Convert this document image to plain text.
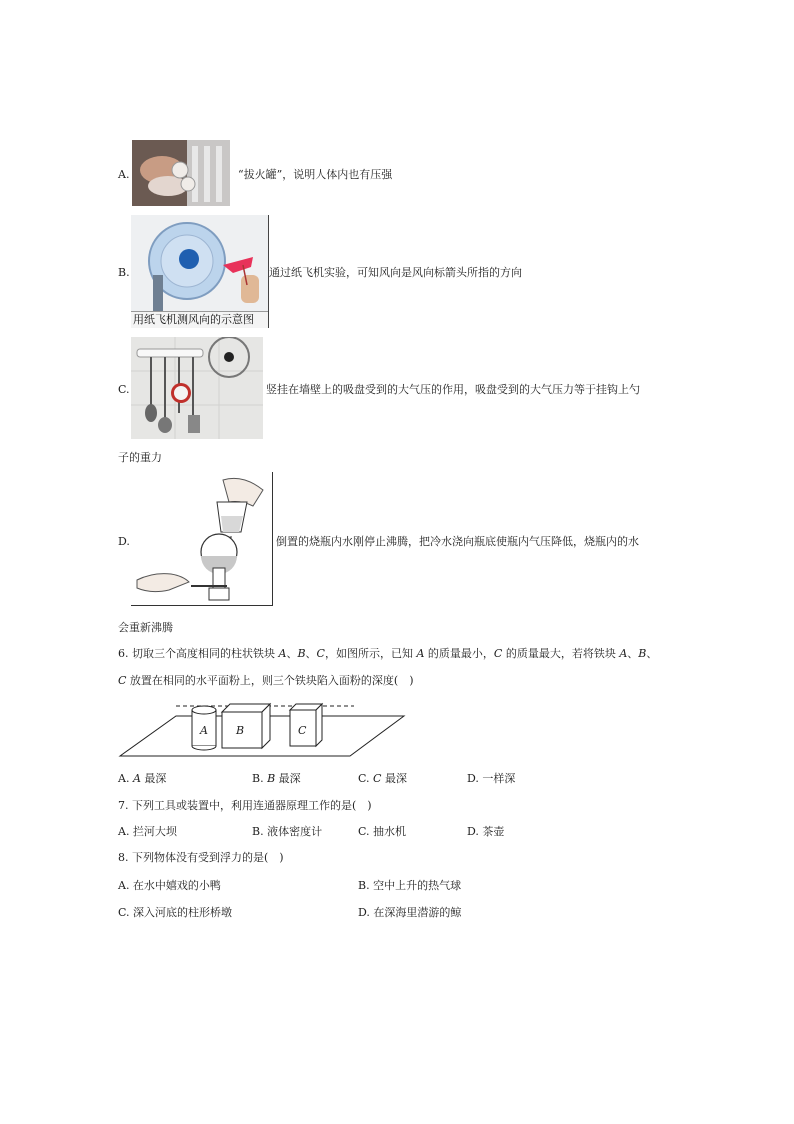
A.	“拔火罐”，说明人体内也有压强
B.
用纸飞机测风向的示意图
通过纸飞机实验，可知风向是风向标箭头所指的方向
C.	竖挂在墙壁上的吸盘受到的大气压的作用，吸盘受到的大气压力等于挂钩上勺
子的重力
D.	倒置的烧瓶内水刚停止沸腾，把冷水浇向瓶底使瓶内气压降低，烧瓶内的水
会重新沸腾
6. 切取三个高度相同的柱状铁块 A、B、C，如图所示，已知 A 的质量最小，C 的质量最大，若将铁块 A、B、
C 放置在相同的水平面粉上，则三个铁块陷入面粉的深度(　)
A	B	C
A. A 最深	B. B 最深	C. C 最深	D. 一样深
7. 下列工具或装置中，利用连通器原理工作的是(　)
A. 拦河大坝	B. 液体密度计	C. 抽水机	D. 茶壶
8. 下列物体没有受到浮力的是(　)
A. 在水中嬉戏的小鸭	B. 空中上升的热气球
C. 深入河底的柱形桥墩	D. 在深海里潜游的鲸
